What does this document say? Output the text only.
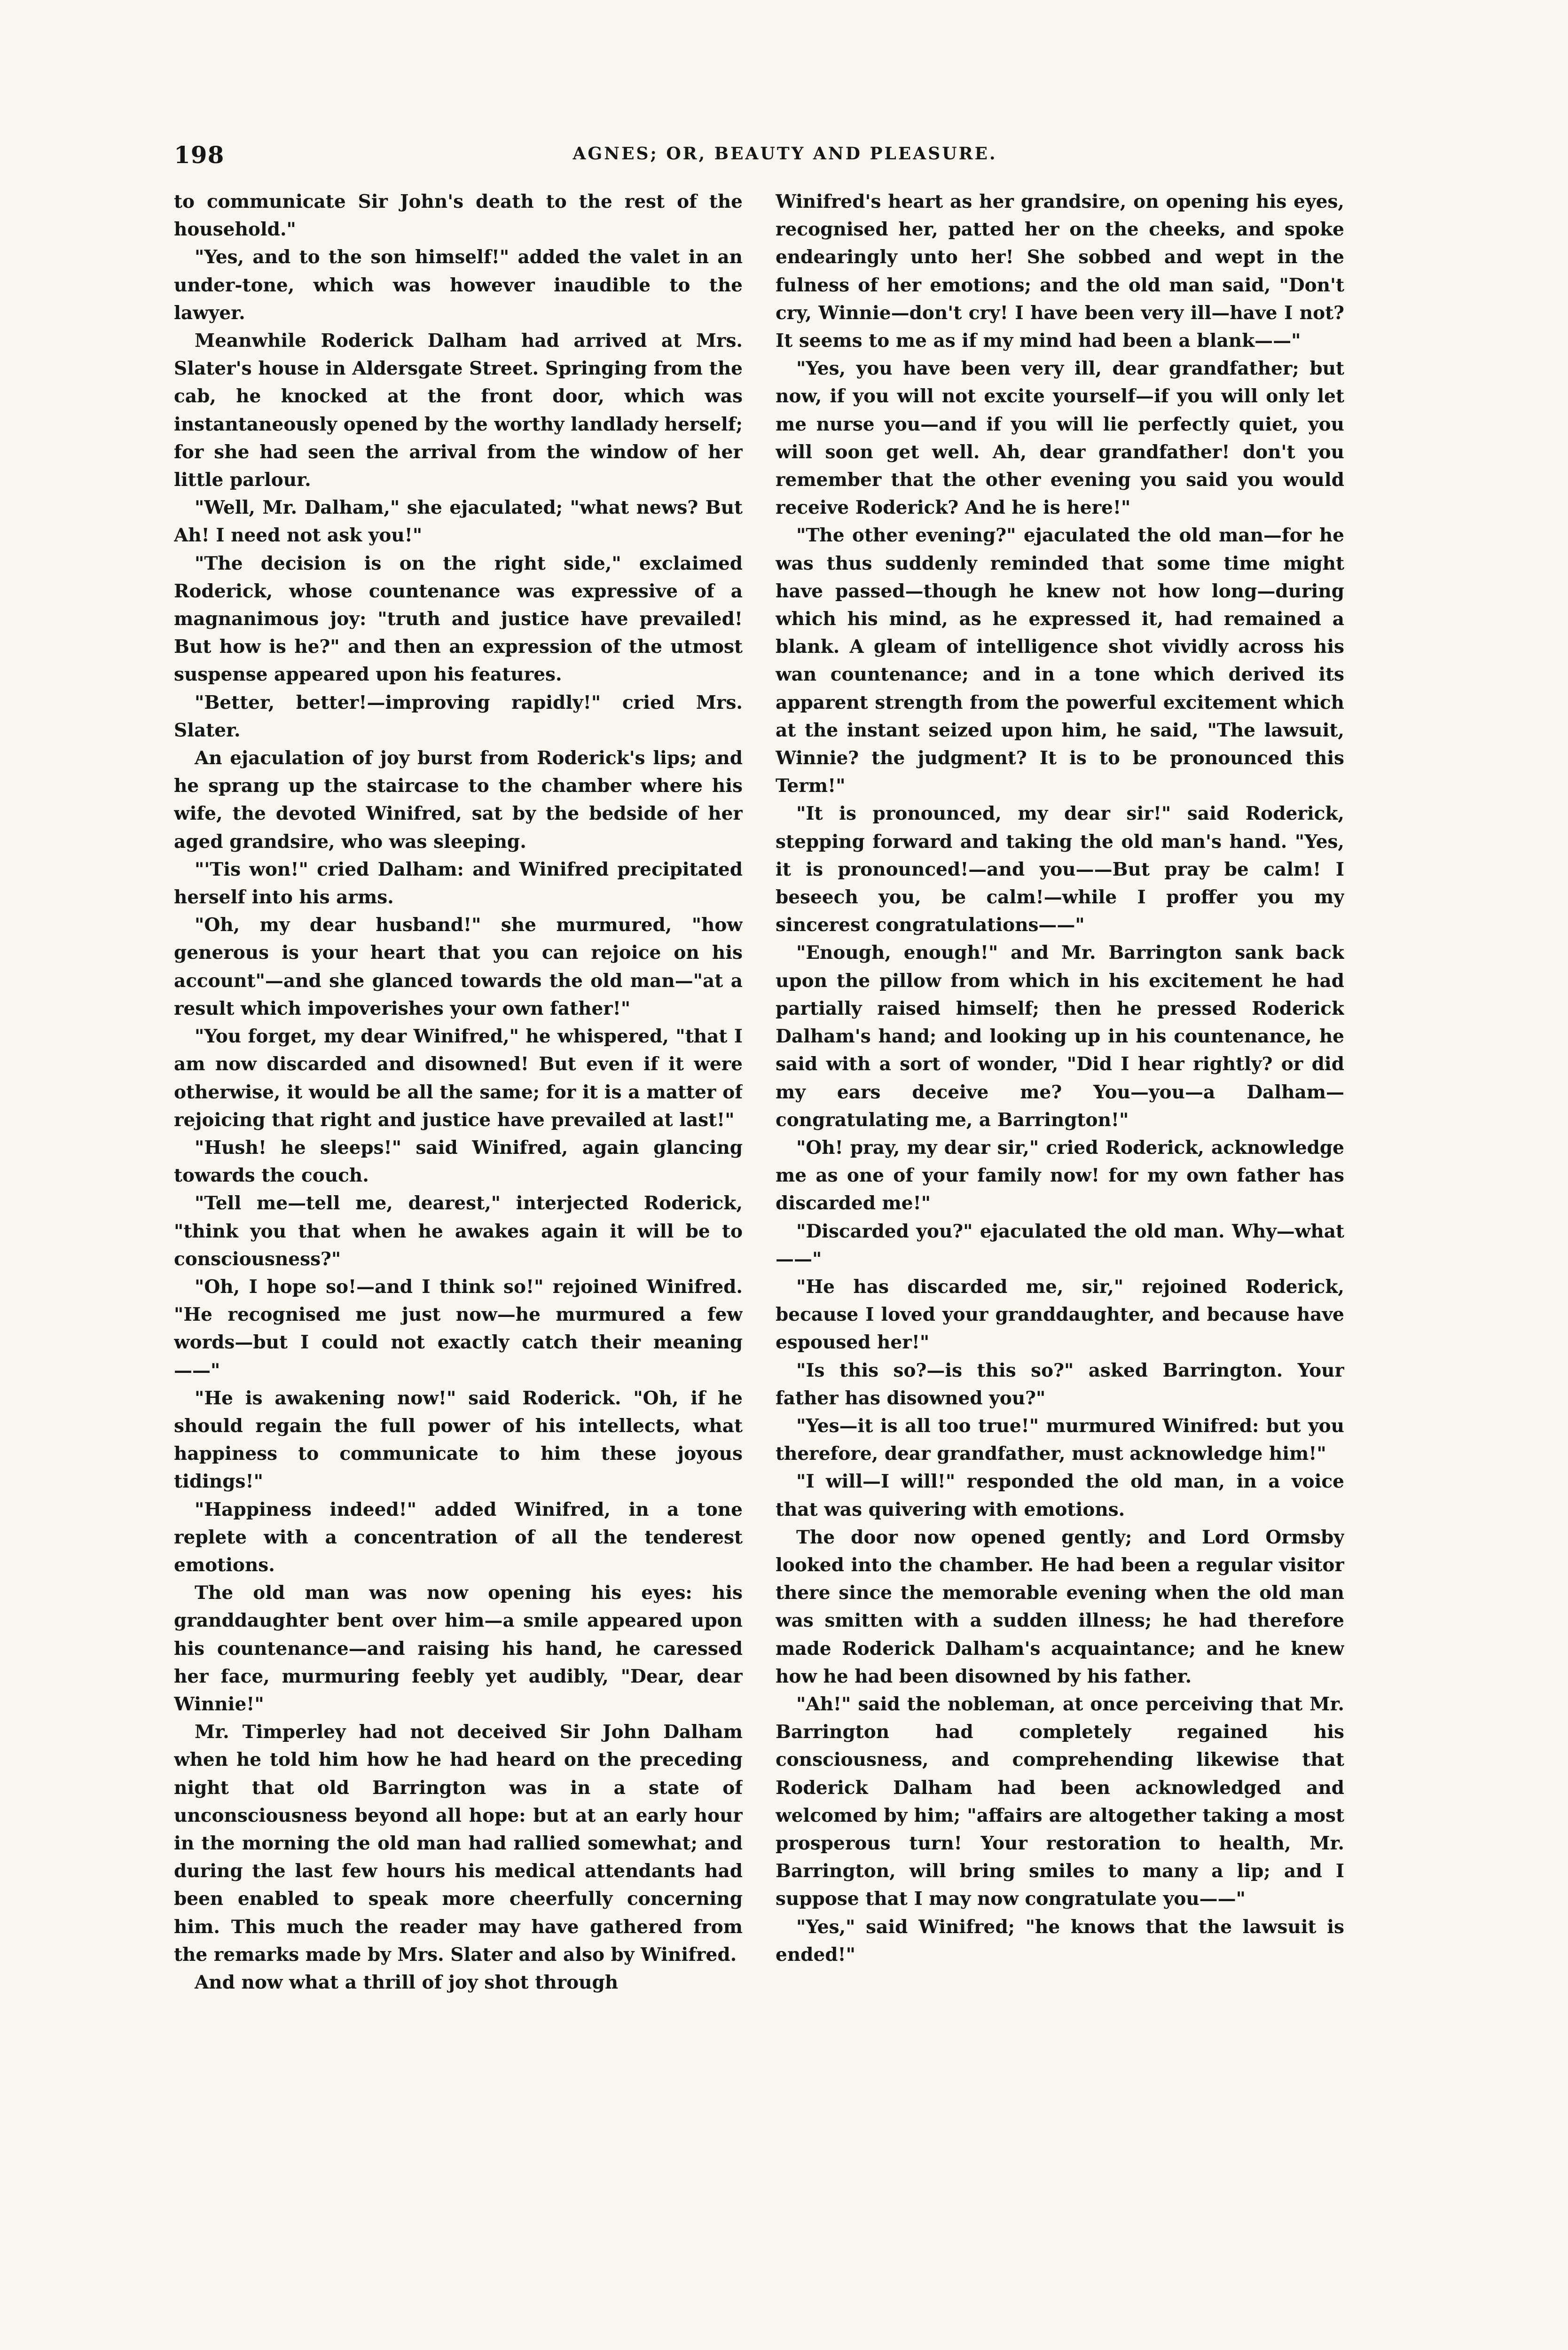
198	AGNES; OR, BEAUTY AND PLEASURE.

to communicate Sir John's death to the rest of the household."

"Yes, and to the son himself!" added the valet in an under-tone, which was however inaudible to the lawyer.

Meanwhile Roderick Dalham had arrived at Mrs. Slater's house in Aldersgate Street. Springing from the cab, he knocked at the front door, which was instantaneously opened by the worthy landlady herself; for she had seen the arrival from the window of her little parlour.

"Well, Mr. Dalham," she ejaculated; "what news? But Ah! I need not ask you!"

"The decision is on the right side," exclaimed Roderick, whose countenance was expressive of a magnanimous joy: "truth and justice have prevailed! But how is he?" and then an expression of the utmost suspense appeared upon his features.

"Better, better!—improving rapidly!" cried Mrs. Slater.

An ejaculation of joy burst from Roderick's lips; and he sprang up the staircase to the chamber where his wife, the devoted Winifred, sat by the bedside of her aged grandsire, who was sleeping.

"'Tis won!" cried Dalham: and Winifred precipitated herself into his arms.

"Oh, my dear husband!" she murmured, "how generous is your heart that you can rejoice on his account"—and she glanced towards the old man—"at a result which impoverishes your own father!"

"You forget, my dear Winifred," he whispered, "that I am now discarded and disowned! But even if it were otherwise, it would be all the same; for it is a matter of rejoicing that right and justice have prevailed at last!"

"Hush! he sleeps!" said Winifred, again glancing towards the couch.

"Tell me—tell me, dearest," interjected Roderick, "think you that when he awakes again it will be to consciousness?"

"Oh, I hope so!—and I think so!" rejoined Winifred. "He recognised me just now—he murmured a few words—but I could not exactly catch their meaning——"

"He is awakening now!" said Roderick. "Oh, if he should regain the full power of his intellects, what happiness to communicate to him these joyous tidings!"

"Happiness indeed!" added Winifred, in a tone replete with a concentration of all the tenderest emotions.

The old man was now opening his eyes: his granddaughter bent over him—a smile appeared upon his countenance—and raising his hand, he caressed her face, murmuring feebly yet audibly, "Dear, dear Winnie!"

Mr. Timperley had not deceived Sir John Dalham when he told him how he had heard on the preceding night that old Barrington was in a state of unconsciousness beyond all hope: but at an early hour in the morning the old man had rallied somewhat; and during the last few hours his medical attendants had been enabled to speak more cheerfully concerning him. This much the reader may have gathered from the remarks made by Mrs. Slater and also by Winifred.

And now what a thrill of joy shot through

Winifred's heart as her grandsire, on opening his eyes, recognised her, patted her on the cheeks, and spoke endearingly unto her! She sobbed and wept in the fulness of her emotions; and the old man said, "Don't cry, Winnie—don't cry! I have been very ill—have I not? It seems to me as if my mind had been a blank——"

"Yes, you have been very ill, dear grandfather; but now, if you will not excite yourself—if you will only let me nurse you—and if you will lie perfectly quiet, you will soon get well. Ah, dear grandfather! don't you remember that the other evening you said you would receive Roderick? And he is here!"

"The other evening?" ejaculated the old man—for he was thus suddenly reminded that some time might have passed—though he knew not how long—during which his mind, as he expressed it, had remained a blank. A gleam of intelligence shot vividly across his wan countenance; and in a tone which derived its apparent strength from the powerful excitement which at the instant seized upon him, he said, "The lawsuit, Winnie? the judgment? It is to be pronounced this Term!"

"It is pronounced, my dear sir!" said Roderick, stepping forward and taking the old man's hand. "Yes, it is pronounced!—and you——But pray be calm! I beseech you, be calm!—while I proffer you my sincerest congratulations——"

"Enough, enough!" and Mr. Barrington sank back upon the pillow from which in his excitement he had partially raised himself; then he pressed Roderick Dalham's hand; and looking up in his countenance, he said with a sort of wonder, "Did I hear rightly? or did my ears deceive me? You—you—a Dalham—congratulating me, a Barrington!"

"Oh! pray, my dear sir," cried Roderick, acknowledge me as one of your family now! for my own father has discarded me!"

"Discarded you?" ejaculated the old man. Why—what——"

"He has discarded me, sir," rejoined Roderick, because I loved your granddaughter, and because have espoused her!"

"Is this so?—is this so?" asked Barrington. Your father has disowned you?"

"Yes—it is all too true!" murmured Winifred: but you therefore, dear grandfather, must acknowledge him!"

"I will—I will!" responded the old man, in a voice that was quivering with emotions.

The door now opened gently; and Lord Ormsby looked into the chamber. He had been a regular visitor there since the memorable evening when the old man was smitten with a sudden illness; he had therefore made Roderick Dalham's acquaintance; and he knew how he had been disowned by his father.

"Ah!" said the nobleman, at once perceiving that Mr. Barrington had completely regained his consciousness, and comprehending likewise that Roderick Dalham had been acknowledged and welcomed by him; "affairs are altogether taking a most prosperous turn! Your restoration to health, Mr. Barrington, will bring smiles to many a lip; and I suppose that I may now congratulate you——"

"Yes," said Winifred; "he knows that the lawsuit is ended!"
